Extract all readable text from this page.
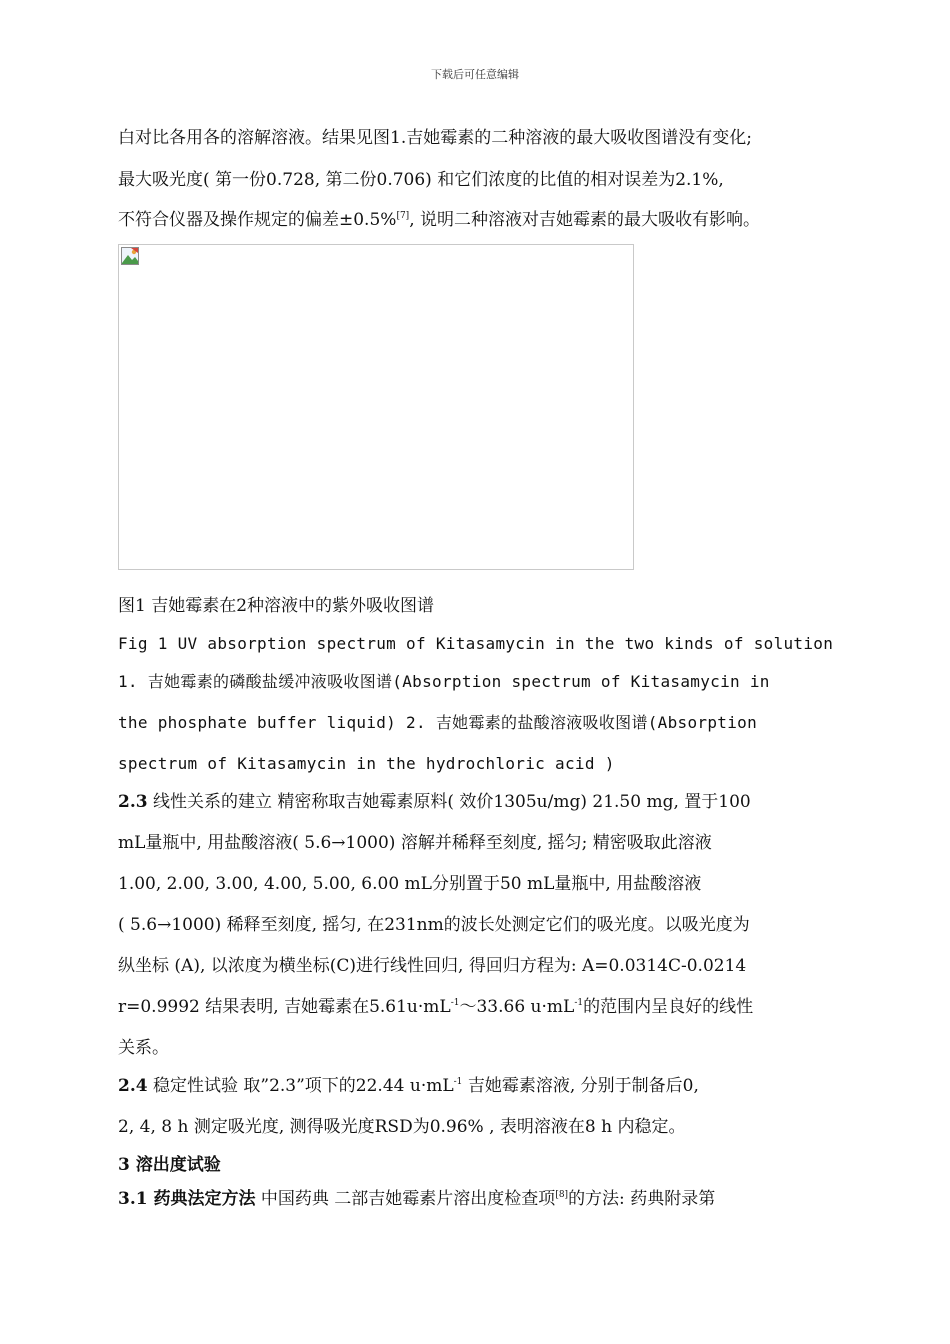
下载后可任意编辑
白对比各用各的溶解溶液。结果见图1.吉她霉素的二种溶液的最大吸收图谱没有变化;
最大吸光度( 第一份0.728, 第二份0.706) 和它们浓度的比值的相对误差为2.1%,
不符合仪器及操作规定的偏差±0.5%[7], 说明二种溶液对吉她霉素的最大吸收有影响。
图1 吉她霉素在2种溶液中的紫外吸收图谱
Fig 1 UV absorption spectrum of Kitasamycin in the two kinds of solution
1. 吉她霉素的磷酸盐缓冲液吸收图谱(Absorption spectrum of Kitasamycin in
the phosphate buffer liquid) 2. 吉她霉素的盐酸溶液吸收图谱(Absorption
spectrum of Kitasamycin in the hydrochloric acid )
2.3 线性关系的建立 精密称取吉她霉素原料( 效价1305u/mg) 21.50 mg, 置于100
mL量瓶中, 用盐酸溶液( 5.6→1000) 溶解并稀释至刻度, 摇匀; 精密吸取此溶液
1.00, 2.00, 3.00, 4.00, 5.00, 6.00 mL分别置于50 mL量瓶中, 用盐酸溶液
( 5.6→1000) 稀释至刻度, 摇匀, 在231nm的波长处测定它们的吸光度。以吸光度为
纵坐标 (A), 以浓度为横坐标(C)进行线性回归, 得回归方程为: A=0.0314C-0.0214
r=0.9992 结果表明, 吉她霉素在$5.61u\cdot mL^{-1}\sim 33.66$ $u\cdot mL^{-1}$的范围内呈良好的线性
关系。
2.4 稳定性试验 取”2.3”项下的22.44 $u\cdot mL^{-1}$ 吉她霉素溶液, 分别于制备后0,
2, 4, 8 h 测定吸光度, 测得吸光度RSD为0.96% , 表明溶液在8 h 内稳定。
3 溶出度试验
3.1 药典法定方法 中国药典 二部吉她霉素片溶出度检查项[8]的方法: 药典附录第
